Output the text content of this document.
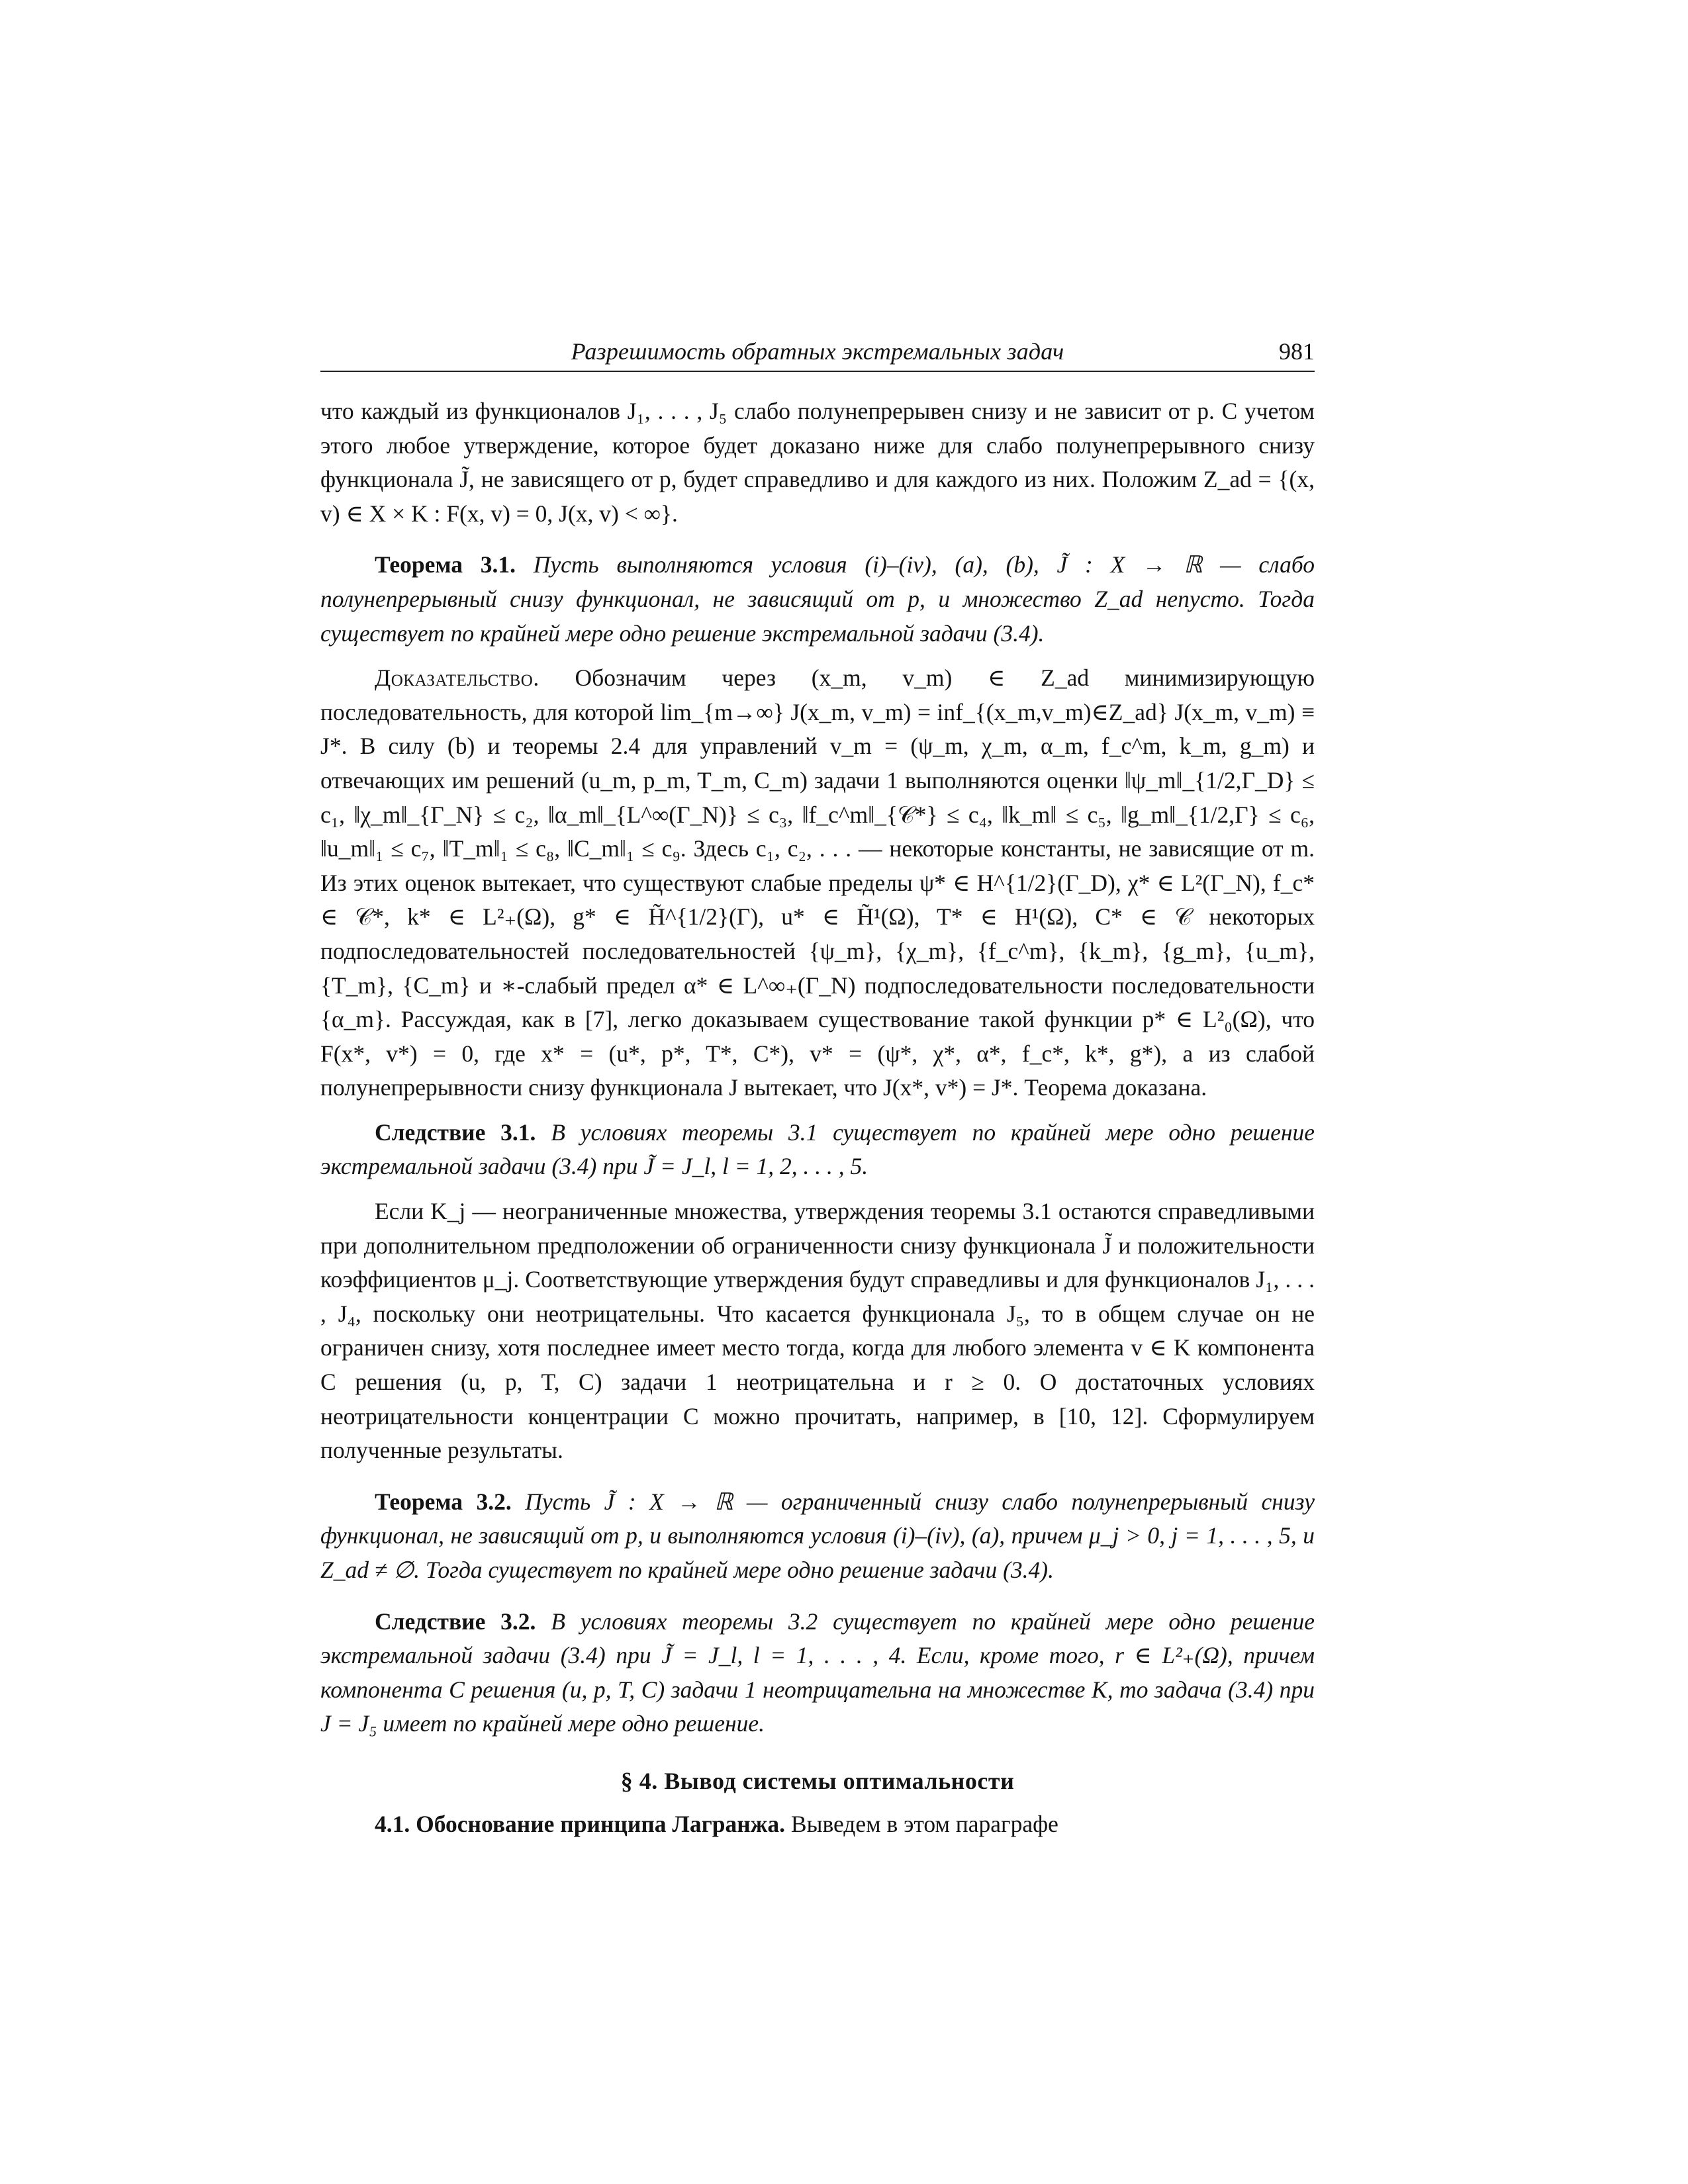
Разрешимость обратных экстремальных задач	981

что каждый из функционалов J₁, . . . , J₅ слабо полунепрерывен снизу и не зависит от p. С учетом этого любое утверждение, которое будет доказано ниже для слабо полунепрерывного снизу функционала J̃, не зависящего от p, будет справедливо и для каждого из них. Положим Z_ad = {(x, v) ∈ X × K : F(x, v) = 0, J(x, v) < ∞}.

Теорема 3.1. Пусть выполняются условия (i)–(iv), (a), (b), J̃ : X → ℝ — слабо полунепрерывный снизу функционал, не зависящий от p, и множество Z_ad непусто. Тогда существует по крайней мере одно решение экстремальной задачи (3.4).

Доказательство. Обозначим через (x_m, v_m) ∈ Z_ad минимизирующую последовательность, для которой lim_{m→∞} J(x_m, v_m) = inf_{(x_m,v_m)∈Z_ad} J(x_m, v_m) ≡ J*. В силу (b) и теоремы 2.4 для управлений v_m = (ψ_m, χ_m, α_m, f_c^m, k_m, g_m) и отвечающих им решений (u_m, p_m, T_m, C_m) задачи 1 выполняются оценки ‖ψ_m‖_{1/2,Γ_D} ≤ c₁, ‖χ_m‖_{Γ_N} ≤ c₂, ‖α_m‖_{L^∞(Γ_N)} ≤ c₃, ‖f_c^m‖_{𝒞*} ≤ c₄, ‖k_m‖ ≤ c₅, ‖g_m‖_{1/2,Γ} ≤ c₆, ‖u_m‖₁ ≤ c₇, ‖T_m‖₁ ≤ c₈, ‖C_m‖₁ ≤ c₉. Здесь c₁, c₂, . . . — некоторые константы, не зависящие от m. Из этих оценок вытекает, что существуют слабые пределы ψ* ∈ H^{1/2}(Γ_D), χ* ∈ L²(Γ_N), f_c* ∈ 𝒞*, k* ∈ L²₊(Ω), g* ∈ H̃^{1/2}(Γ), u* ∈ H̃¹(Ω), T* ∈ H¹(Ω), C* ∈ 𝒞 некоторых подпоследовательностей последовательностей {ψ_m}, {χ_m}, {f_c^m}, {k_m}, {g_m}, {u_m}, {T_m}, {C_m} и ∗-слабый предел α* ∈ L^∞₊(Γ_N) подпоследовательности последовательности {α_m}. Рассуждая, как в [7], легко доказываем существование такой функции p* ∈ L²₀(Ω), что F(x*, v*) = 0, где x* = (u*, p*, T*, C*), v* = (ψ*, χ*, α*, f_c*, k*, g*), а из слабой полунепрерывности снизу функционала J вытекает, что J(x*, v*) = J*. Теорема доказана.

Следствие 3.1. В условиях теоремы 3.1 существует по крайней мере одно решение экстремальной задачи (3.4) при J̃ = J_l, l = 1, 2, . . . , 5.

Если K_j — неограниченные множества, утверждения теоремы 3.1 остаются справедливыми при дополнительном предположении об ограниченности снизу функционала J̃ и положительности коэффициентов μ_j. Соответствующие утверждения будут справедливы и для функционалов J₁, . . . , J₄, поскольку они неотрицательны. Что касается функционала J₅, то в общем случае он не ограничен снизу, хотя последнее имеет место тогда, когда для любого элемента v ∈ K компонента C решения (u, p, T, C) задачи 1 неотрицательна и r ≥ 0. О достаточных условиях неотрицательности концентрации C можно прочитать, например, в [10, 12]. Сформулируем полученные результаты.

Теорема 3.2. Пусть J̃ : X → ℝ — ограниченный снизу слабо полунепрерывный снизу функционал, не зависящий от p, и выполняются условия (i)–(iv), (a), причем μ_j > 0, j = 1, . . . , 5, и Z_ad ≠ ∅. Тогда существует по крайней мере одно решение задачи (3.4).

Следствие 3.2. В условиях теоремы 3.2 существует по крайней мере одно решение экстремальной задачи (3.4) при J̃ = J_l, l = 1, . . . , 4. Если, кроме того, r ∈ L²₊(Ω), причем компонента C решения (u, p, T, C) задачи 1 неотрицательна на множестве K, то задача (3.4) при J = J₅ имеет по крайней мере одно решение.

§ 4. Вывод системы оптимальности

4.1. Обоснование принципа Лагранжа. Выведем в этом параграфе
